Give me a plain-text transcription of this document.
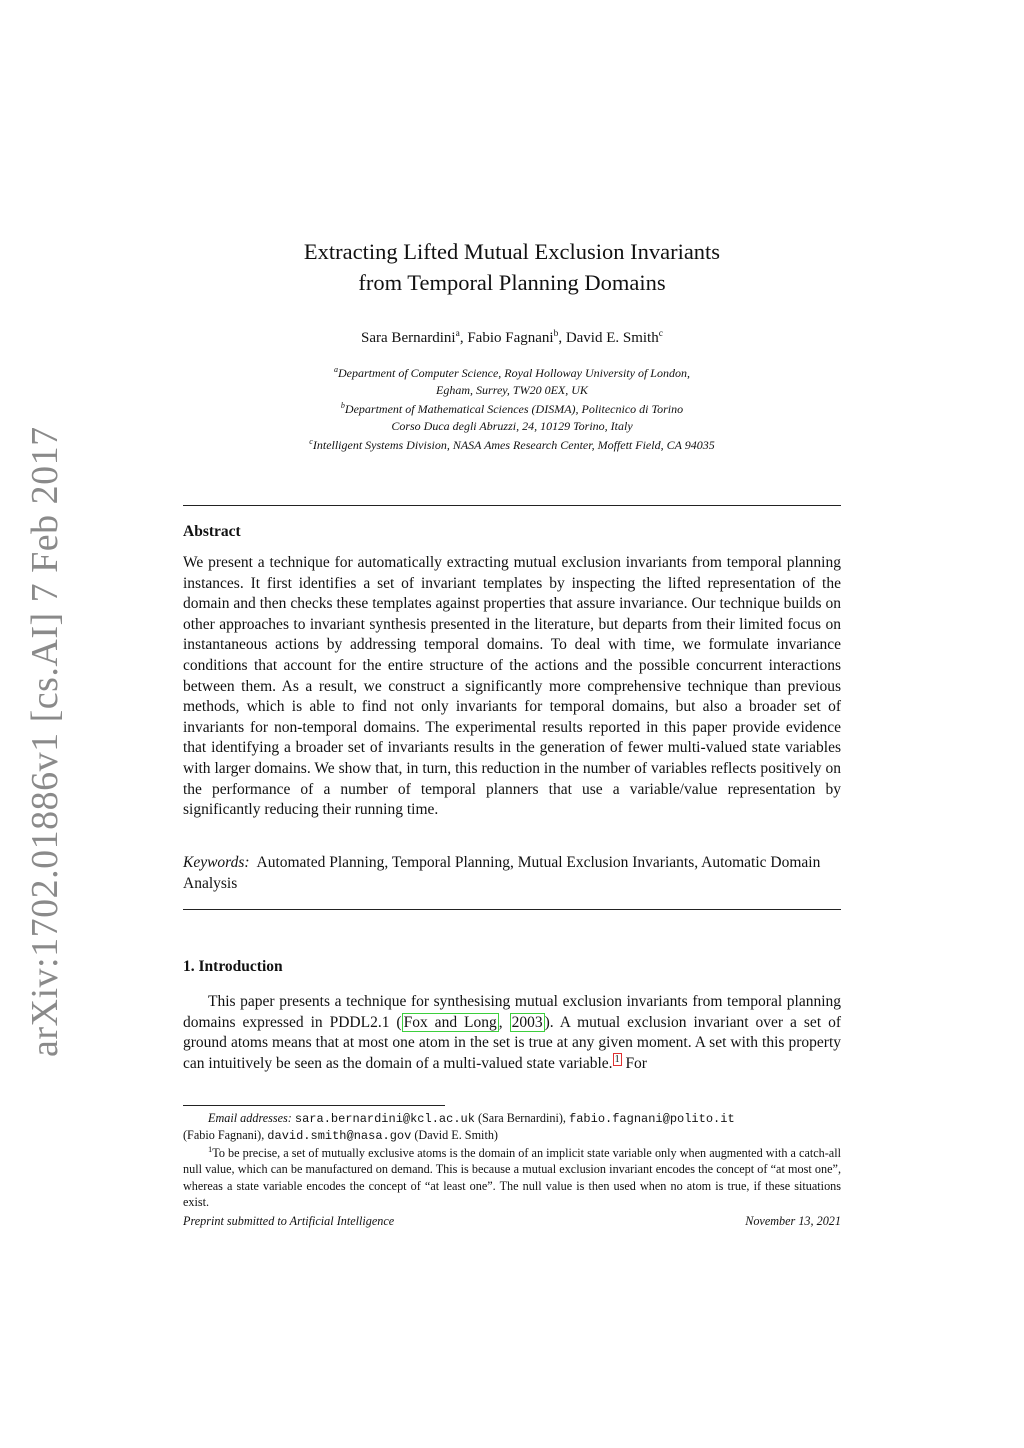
arXiv:1702.01886v1 [cs.AI] 7 Feb 2017
Extracting Lifted Mutual Exclusion Invariants
from Temporal Planning Domains
Sara Bernardini$^a$, Fabio Fagnani$^b$, David E. Smith$^c$
$^a$Department of Computer Science, Royal Holloway University of London,
Egham, Surrey, TW20 0EX, UK
$^b$Department of Mathematical Sciences (DISMA), Politecnico di Torino
Corso Duca degli Abruzzi, 24, 10129 Torino, Italy
$^c$Intelligent Systems Division, NASA Ames Research Center, Moffett Field, CA 94035
Abstract
We present a technique for automatically extracting mutual exclusion invariants from temporal planning instances. It first identifies a set of invariant templates by inspecting the lifted representation of the domain and then checks these templates against properties that assure invariance. Our technique builds on other approaches to invariant synthesis presented in the literature, but departs from their limited focus on instantaneous actions by addressing temporal domains. To deal with time, we formulate invariance conditions that account for the entire structure of the actions and the possible concurrent interactions between them. As a result, we construct a significantly more comprehensive technique than previous methods, which is able to find not only invariants for temporal domains, but also a broader set of invariants for non-temporal domains. The experimental results reported in this paper provide evidence that identifying a broader set of invariants results in the generation of fewer multi-valued state variables with larger domains. We show that, in turn, this reduction in the number of variables reflects positively on the performance of a number of temporal planners that use a variable/value representation by significantly reducing their running time.
Keywords: Automated Planning, Temporal Planning, Mutual Exclusion Invariants, Automatic Domain Analysis
1. Introduction
This paper presents a technique for synthesising mutual exclusion invariants from temporal planning domains expressed in PDDL2.1 ( Fox and Long , 2003 ). A mutual exclusion invariant over a set of ground atoms means that at most one atom in the set is true at any given moment. A set with this property can intuitively be seen as the domain of a multi-valued state variable. $^1$ For
Email addresses: sara.bernardini@kcl.ac.uk (Sara Bernardini), fabio.fagnani@polito.it
(Fabio Fagnani), david.smith@nasa.gov (David E. Smith)
$^1$To be precise, a set of mutually exclusive atoms is the domain of an implicit state variable only when augmented with a catch-all null value, which can be manufactured on demand. This is because a mutual exclusion invariant encodes the concept of “at most one”, whereas a state variable encodes the concept of “at least one”. The null value is then used when no atom is true, if these situations exist.
Preprint submitted to Artificial Intelligence	November 13, 2021
